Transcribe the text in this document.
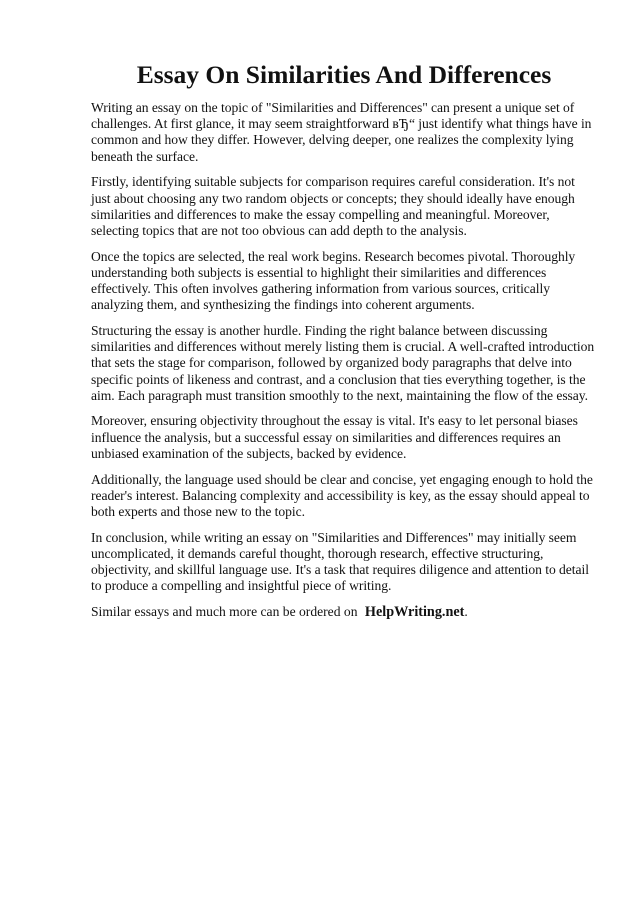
Essay On Similarities And Differences

Writing an essay on the topic of "Similarities and Differences" can present a unique set of challenges. At first glance, it may seem straightforward вЂ“ just identify what things have in common and how they differ. However, delving deeper, one realizes the complexity lying beneath the surface.

Firstly, identifying suitable subjects for comparison requires careful consideration. It's not just about choosing any two random objects or concepts; they should ideally have enough similarities and differences to make the essay compelling and meaningful. Moreover, selecting topics that are not too obvious can add depth to the analysis.

Once the topics are selected, the real work begins. Research becomes pivotal. Thoroughly understanding both subjects is essential to highlight their similarities and differences effectively. This often involves gathering information from various sources, critically analyzing them, and synthesizing the findings into coherent arguments.

Structuring the essay is another hurdle. Finding the right balance between discussing similarities and differences without merely listing them is crucial. A well-crafted introduction that sets the stage for comparison, followed by organized body paragraphs that delve into specific points of likeness and contrast, and a conclusion that ties everything together, is the aim. Each paragraph must transition smoothly to the next, maintaining the flow of the essay.

Moreover, ensuring objectivity throughout the essay is vital. It's easy to let personal biases influence the analysis, but a successful essay on similarities and differences requires an unbiased examination of the subjects, backed by evidence.

Additionally, the language used should be clear and concise, yet engaging enough to hold the reader's interest. Balancing complexity and accessibility is key, as the essay should appeal to both experts and those new to the topic.

In conclusion, while writing an essay on "Similarities and Differences" may initially seem uncomplicated, it demands careful thought, thorough research, effective structuring, objectivity, and skillful language use. It's a task that requires diligence and attention to detail to produce a compelling and insightful piece of writing.

Similar essays and much more can be ordered on HelpWriting.net.
